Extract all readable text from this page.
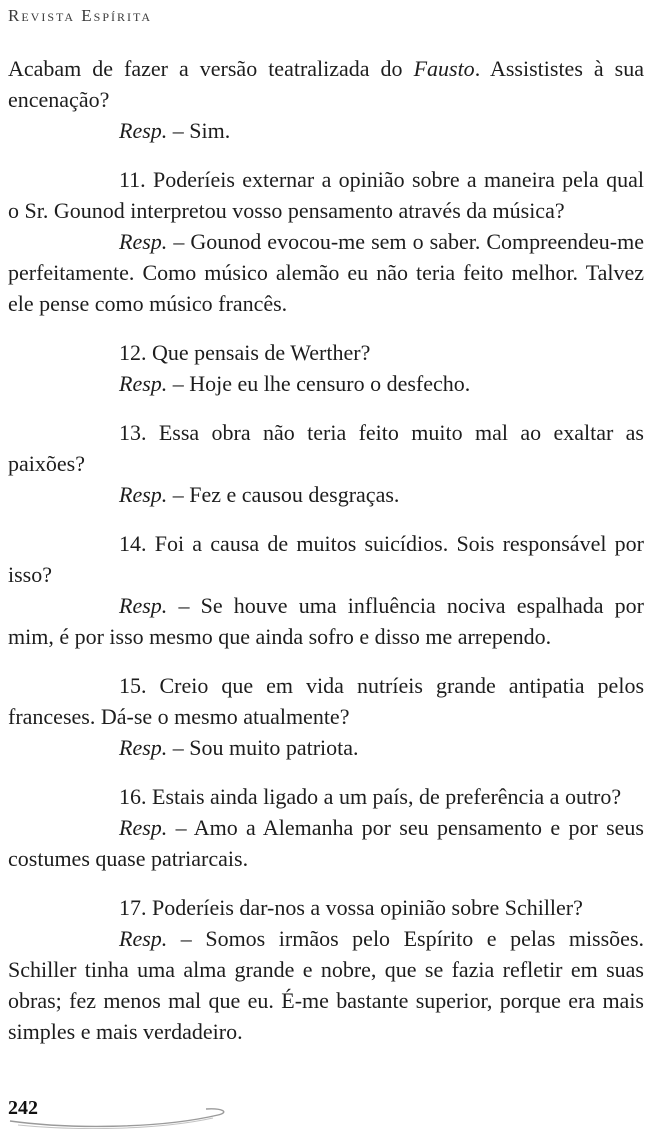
Revista Espírita

Acabam de fazer a versão teatralizada do Fausto. Assististes à sua encenação?

Resp. – Sim.

11. Poderíeis externar a opinião sobre a maneira pela qual o Sr. Gounod interpretou vosso pensamento através da música?

Resp. – Gounod evocou-me sem o saber. Compreendeu-me perfeitamente. Como músico alemão eu não teria feito melhor. Talvez ele pense como músico francês.

12. Que pensais de Werther?

Resp. – Hoje eu lhe censuro o desfecho.

13. Essa obra não teria feito muito mal ao exaltar as paixões?

Resp. – Fez e causou desgraças.

14. Foi a causa de muitos suicídios. Sois responsável por isso?

Resp. – Se houve uma influência nociva espalhada por mim, é por isso mesmo que ainda sofro e disso me arrependo.

15. Creio que em vida nutríeis grande antipatia pelos franceses. Dá-se o mesmo atualmente?

Resp. – Sou muito patriota.

16. Estais ainda ligado a um país, de preferência a outro?

Resp. – Amo a Alemanha por seu pensamento e por seus costumes quase patriarcais.

17. Poderíeis dar-nos a vossa opinião sobre Schiller?

Resp. – Somos irmãos pelo Espírito e pelas missões. Schiller tinha uma alma grande e nobre, que se fazia refletir em suas obras; fez menos mal que eu. É-me bastante superior, porque era mais simples e mais verdadeiro.

242
